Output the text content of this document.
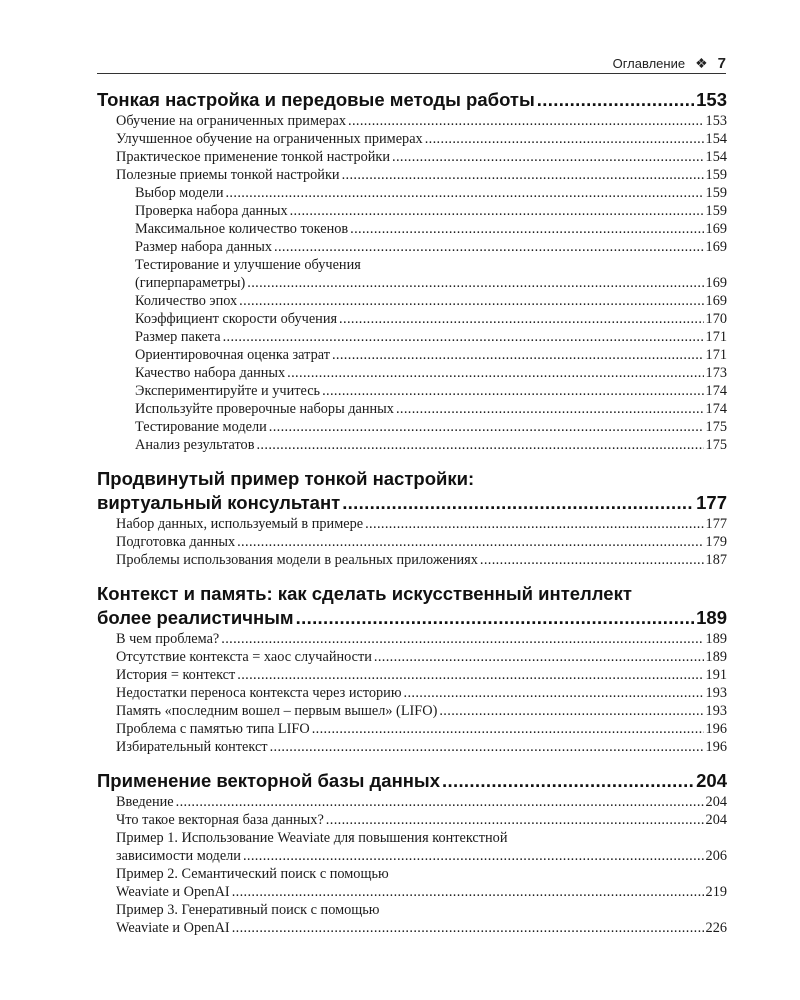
Оглавление ❖ 7
Тонкая настройка и передовые методы работы . . .	153
Обучение на ограниченных примерах . . .	153
Улучшенное обучение на ограниченных примерах . . .	154
Практическое применение тонкой настройки . . .	154
Полезные приемы тонкой настройки . . .	159
Выбор модели . . .	159
Проверка набора данных . . .	159
Максимальное количество токенов . . .	169
Размер набора данных . . .	169
Тестирование и улучшение обучения
(гиперпараметры) . . .	169
Количество эпох . . .	169
Коэффициент скорости обучения . . .	170
Размер пакета . . .	171
Ориентировочная оценка затрат . . .	171
Качество набора данных . . .	173
Экспериментируйте и учитесь . . .	174
Используйте проверочные наборы данных . . .	174
Тестирование модели . . .	175
Анализ результатов . . .	175
Продвинутый пример тонкой настройки:
виртуальный консультант . . .	177
Набор данных, используемый в примере . . .	177
Подготовка данных . . .	179
Проблемы использования модели в реальных приложениях . . .	187
Контекст и память: как сделать искусственный интеллект
более реалистичным . . .	189
В чем проблема? . . .	189
Отсутствие контекста = хаос случайности . . .	189
История = контекст . . .	191
Недостатки переноса контекста через историю . . .	193
Память «последним вошел – первым вышел» (LIFO) . . .	193
Проблема с памятью типа LIFO . . .	196
Избирательный контекст . . .	196
Применение векторной базы данных . . .	204
Введение . . .	204
Что такое векторная база данных? . . .	204
Пример 1. Использование Weaviate для повышения контекстной
зависимости модели . . .	206
Пример 2. Семантический поиск с помощью
Weaviate и OpenAI . . .	219
Пример 3. Генеративный поиск с помощью
Weaviate и OpenAI . . .	226
